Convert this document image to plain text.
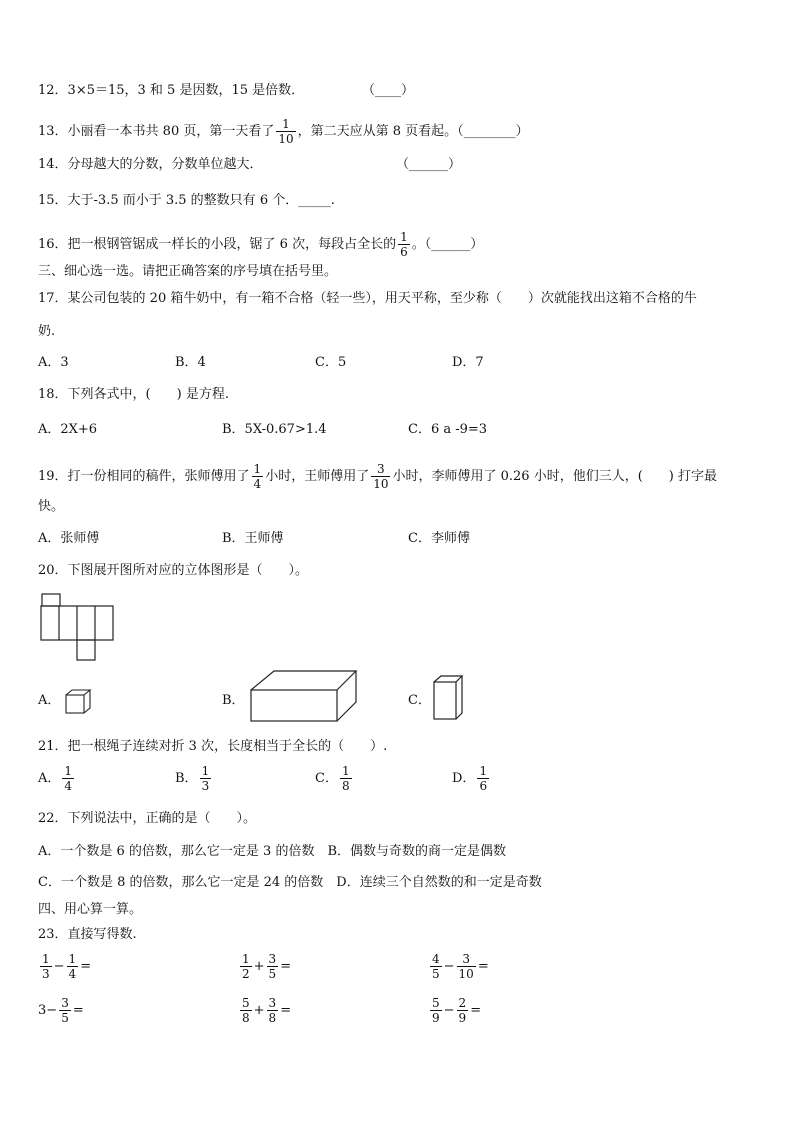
12．3×5＝15，3 和 5 是因数，15 是倍数．	（____）
13．小丽看一本书共 80 页，第一天看了 $\frac{1}{10}$ ，第二天应从第 8 页看起。（________）
14．分母越大的分数，分数单位越大．	（______）
15．大于-3.5 而小于 3.5 的整数只有 6 个．_____.
16．把一根钢管锯成一样长的小段，锯了 6 次，每段占全长的 $\frac{1}{6}$ 。（______）
三、细心选一选。请把正确答案的序号填在括号里。
17．某公司包装的 20 箱牛奶中，有一箱不合格（轻一些），用天平称，至少称（　　）次就能找出这箱不合格的牛
奶.
A．3	B．4	C．5	D．7
18．下列各式中，(　　) 是方程.
A．2X+6	B．5X-0.67>1.4	C．6 a -9=3
19．打一份相同的稿件，张师傅用了 $\frac{1}{4}$ 小时，王师傅用了 $\frac{3}{10}$ 小时，李师傅用了 0.26 小时，他们三人，(　　) 打字最
快。
A．张师傅	B．王师傅	C．李师傅
20．下图展开图所对应的立体图形是（　　）。
A．	B．	C．
21．把一根绳子连续对折 3 次，长度相当于全长的（　　）.
A． $\frac{1}{4}$	B． $\frac{1}{3}$	C． $\frac{1}{8}$	D． $\frac{1}{6}$
22．下列说法中，正确的是（　　）。
A．一个数是 6 的倍数，那么它一定是 3 的倍数　B．偶数与奇数的商一定是偶数
C．一个数是 8 的倍数，那么它一定是 24 的倍数　D．连续三个自然数的和一定是奇数
四、用心算一算。
23．直接写得数.
$\frac{1}{3} - \frac{1}{4}$ =	$\frac{1}{2} + \frac{3}{5}$ =	$\frac{4}{5} - \frac{3}{10}$ =
$3- \frac{3}{5}$ =	$\frac{5}{8} + \frac{3}{8}$ =	$\frac{5}{9} - \frac{2}{9}$ =
